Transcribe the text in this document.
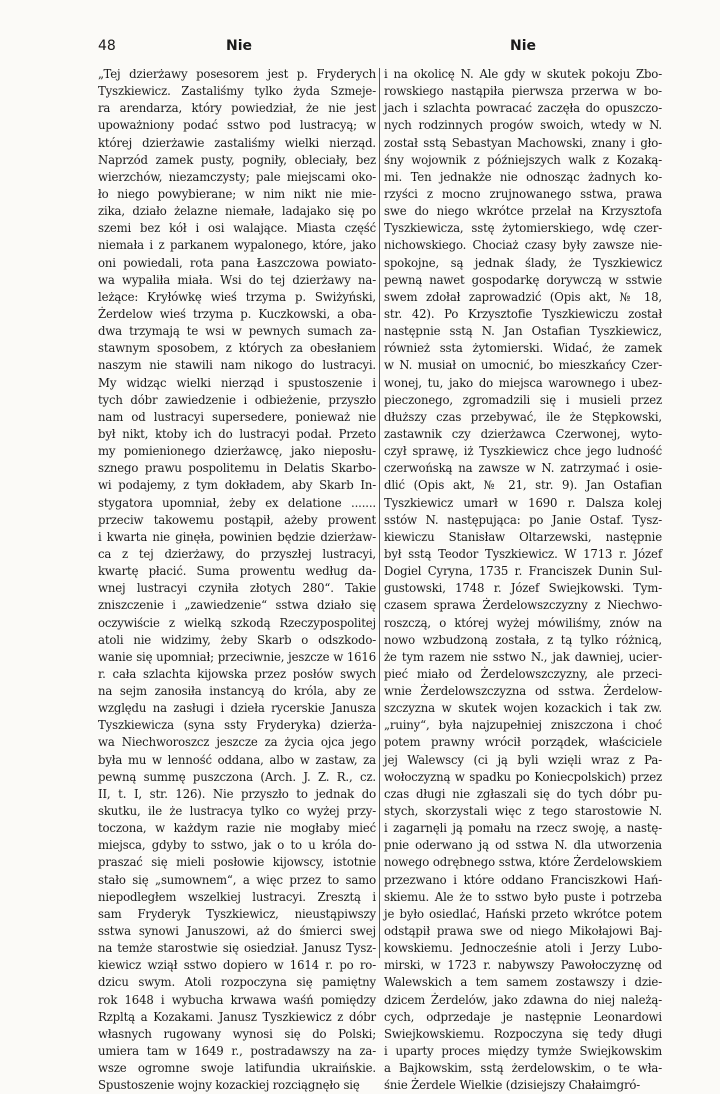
48	Nie	Nie
„Tej dzierżawy posesorem jest p. Fryderych
Tyszkiewicz. Zastaliśmy tylko żyda Szmeje-
ra arendarza, który powiedział, że nie jest
upoważniony podać sstwo pod lustracyą; w
której dzierżawie zastaliśmy wielki nierząd.
Naprzód zamek pusty, pogniły, obleciały, bez
wierzchów, niezamczysty; pale miejscami oko-
ło niego powybierane; w nim nikt nie mie-
zika, działo żelazne niemałe, ladajako się po
szemi bez kół i osi walające. Miasta część
niemała i z parkanem wypalonego, które, jako
oni powiedali, rota pana Łaszczowa powiato-
wa wypaliła miała. Wsi do tej dzierżawy na-
leżące: Kryłówkę wieś trzyma p. Swiżyński,
Żerdelow wieś trzyma p. Kuczkowski, a oba-
dwa trzymają te wsi w pewnych sumach za-
stawnym sposobem, z których za obesłaniem
naszym nie stawili nam nikogo do lustracyi.
My widząc wielki nierząd i spustoszenie i
tych dóbr zawiedzenie i odbieżenie, przyszło
nam od lustracyi supersedere, ponieważ nie
był nikt, ktoby ich do lustracyi podał. Przeto
my pomienionego dzierżawcę, jako nieposłu-
sznego prawu pospolitemu in Delatis Skarbo-
wi podajemy, z tym dokładem, aby Skarb In-
stygatora upomniał, żeby ex delatione .......
przeciw takowemu postąpił, ażeby prowent
i kwarta nie ginęła, powinien będzie dzierżaw-
ca z tej dzierżawy, do przyszłej lustracyi,
kwartę płacić. Suma prowentu według da-
wnej lustracyi czyniła złotych 280“. Takie
zniszczenie i „zawiedzenie“ sstwa działo się
oczywiście z wielką szkodą Rzeczypospolitej
atoli nie widzimy, żeby Skarb o odszkodo-
wanie się upomniał; przeciwnie, jeszcze w 1616
r. cała szlachta kijowska przez posłów swych
na sejm zanosiła instancyą do króla, aby ze
względu na zasługi i dzieła rycerskie Janusza
Tyszkiewicza (syna ssty Fryderyka) dzierża-
wa Niechworoszcz jeszcze za życia ojca jego
była mu w lenność oddana, albo w zastaw, za
pewną summę puszczona (Arch. J. Z. R., cz.
II, t. I, str. 126). Nie przyszło to jednak do
skutku, ile że lustracya tylko co wyżej przy-
toczona, w każdym razie nie mogłaby mieć
miejsca, gdyby to sstwo, jak o to u króla do-
praszać się mieli posłowie kijowscy, istotnie
stało się „sumownem“, a więc przez to samo
niepodległem wszelkiej lustracyi. Zresztą i
sam Fryderyk Tyszkiewicz, nieustąpiwszy
sstwa synowi Januszowi, aż do śmierci swej
na temże starostwie się osiedział. Janusz Tysz-
kiewicz wziął sstwo dopiero w 1614 r. po ro-
dzicu swym. Atoli rozpoczyna się pamiętny
rok 1648 i wybucha krwawa waśń pomiędzy
Rzpltą a Kozakami. Janusz Tyszkiewicz z dóbr
własnych rugowany wynosi się do Polski;
umiera tam w 1649 r., postradawszy na za-
wsze ogromne swoje latifundia ukraińskie.
Spustoszenie wojny kozackiej rozciągnęło się
i na okolicę N. Ale gdy w skutek pokoju Zbo-
rowskiego nastąpiła pierwsza przerwa w bo-
jach i szlachta powracać zaczęła do opuszczo-
nych rodzinnych progów swoich, wtedy w N.
został sstą Sebastyan Machowski, znany i gło-
śny wojownik z późniejszych walk z Kozaką-
mi. Ten jednakże nie odnosząc żadnych ko-
rzyści z mocno zrujnowanego sstwa, prawa
swe do niego wkrótce przelał na Krzysztofa
Tyszkiewicza, sstę żytomierskiego, wdę czer-
nichowskiego. Chociaż czasy były zawsze nie-
spokojne, są jednak ślady, że Tyszkiewicz
pewną nawet gospodarkę dorywczą w sstwie
swem zdołał zaprowadzić (Opis akt, № 18,
str. 42). Po Krzysztofie Tyszkiewiczu został
następnie sstą N. Jan Ostafian Tyszkiewicz,
również ssta żytomierski. Widać, że zamek
w N. musiał on umocnić, bo mieszkańcy Czer-
wonej, tu, jako do miejsca warownego i ubez-
pieczonego, zgromadzili się i musieli przez
dłuższy czas przebywać, ile że Stępkowski,
zastawnik czy dzierżawca Czerwonej, wyto-
czył sprawę, iż Tyszkiewicz chce jego ludność
czerwońską na zawsze w N. zatrzymać i osie-
dlić (Opis akt, № 21, str. 9). Jan Ostafian
Tyszkiewicz umarł w 1690 r. Dalsza kolej
sstów N. następująca: po Janie Ostaf. Tysz-
kiewiczu Stanisław Oltarzewski, następnie
był sstą Teodor Tyszkiewicz. W 1713 r. Józef
Dogiel Cyryna, 1735 r. Franciszek Dunin Sul-
gustowski, 1748 r. Józef Swiejkowski. Tym-
czasem sprawa Żerdelowszczyzny z Niechwo-
roszczą, o której wyżej mówiliśmy, znów na
nowo wzbudzoną została, z tą tylko różnicą,
że tym razem nie sstwo N., jak dawniej, ucier-
pieć miało od Żerdelowszczyzny, ale przeci-
wnie Żerdelowszczyzna od sstwa. Żerdelow-
szczyzna w skutek wojen kozackich i tak zw.
„ruiny“, była najzupełniej zniszczona i choć
potem prawny wrócił porządek, właściciele
jej Walewscy (ci ją byli wzięli wraz z Pa-
wołoczyzną w spadku po Koniecpolskich) przez
czas długi nie zgłaszali się do tych dóbr pu-
stych, skorzystali więc z tego starostowie N.
i zagarnęli ją pomału na rzecz swoję, a nastę-
pnie oderwano ją od sstwa N. dla utworzenia
nowego odrębnego sstwa, które Żerdelowskiem
przezwano i które oddano Franciszkowi Hań-
skiemu. Ale że to sstwo było puste i potrzeba
je było osiedlać, Hański przeto wkrótce potem
odstąpił prawa swe od niego Mikołajowi Baj-
kowskiemu. Jednocześnie atoli i Jerzy Lubo-
mirski, w 1723 r. nabywszy Pawołoczyznę od
Walewskich a tem samem zostawszy i dzie-
dzicem Żerdelów, jako zdawna do niej należą-
cych, odprzedaje je następnie Leonardowi
Swiejkowskiemu. Rozpoczyna się tedy długi
i uparty proces między tymże Swiejkowskim
a Bajkowskim, sstą żerdelowskim, o te wła-
śnie Żerdele Wielkie (dzisiejszy Chałaimgró-
